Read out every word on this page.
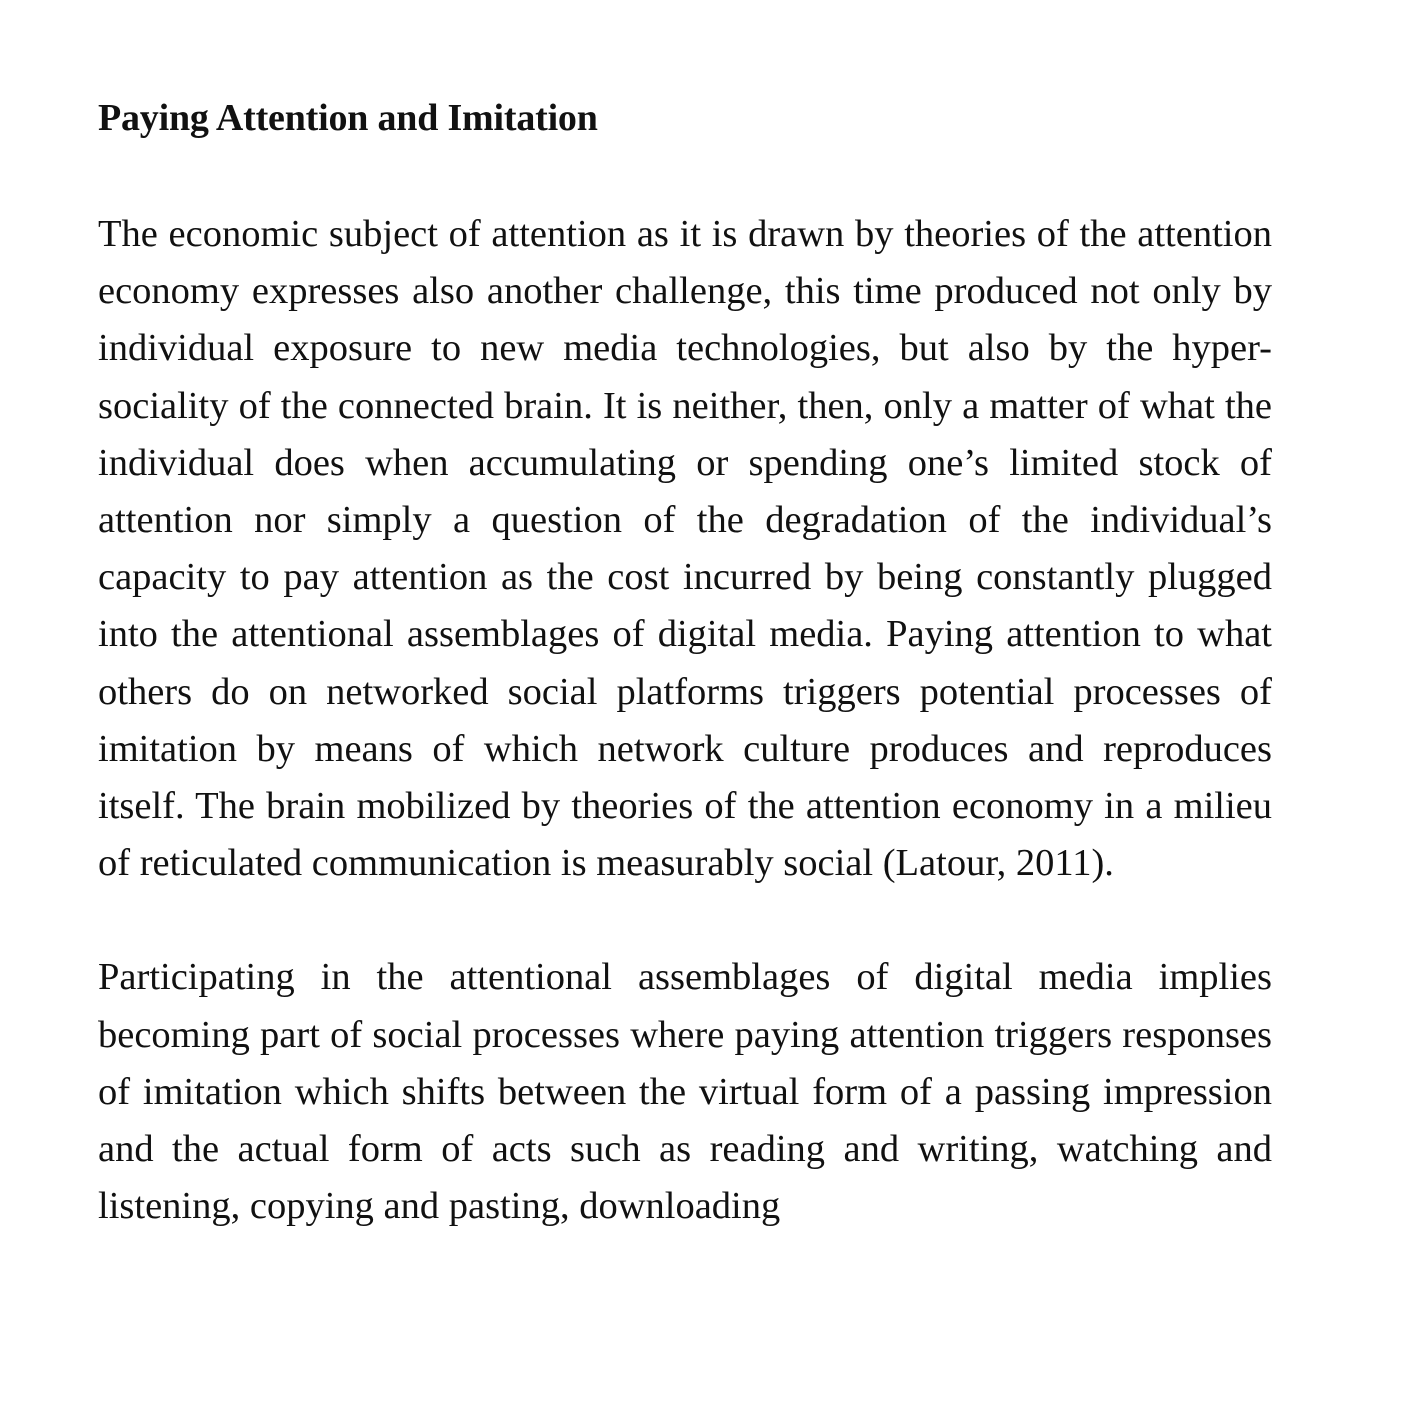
Paying Attention and Imitation

The economic subject of attention as it is drawn by theories of the attention economy expresses also another challenge, this time produced not only by individual exposure to new media technologies, but also by the hyper-sociality of the connected brain. It is neither, then, only a matter of what the individual does when accumulating or spending one’s limited stock of attention nor simply a question of the degradation of the individual’s capacity to pay attention as the cost incurred by being constantly plugged into the attentional assemblages of digital media. Paying attention to what others do on networked social platforms triggers potential processes of imitation by means of which network culture produces and reproduces itself. The brain mobilized by theories of the attention economy in a milieu of reticulated communication is measurably social (Latour, 2011).

Participating in the attentional assemblages of digital media implies becoming part of social processes where paying attention triggers responses of imitation which shifts between the virtual form of a passing impression and the actual form of acts such as reading and writing, watching and listening, copying and pasting, downloading
